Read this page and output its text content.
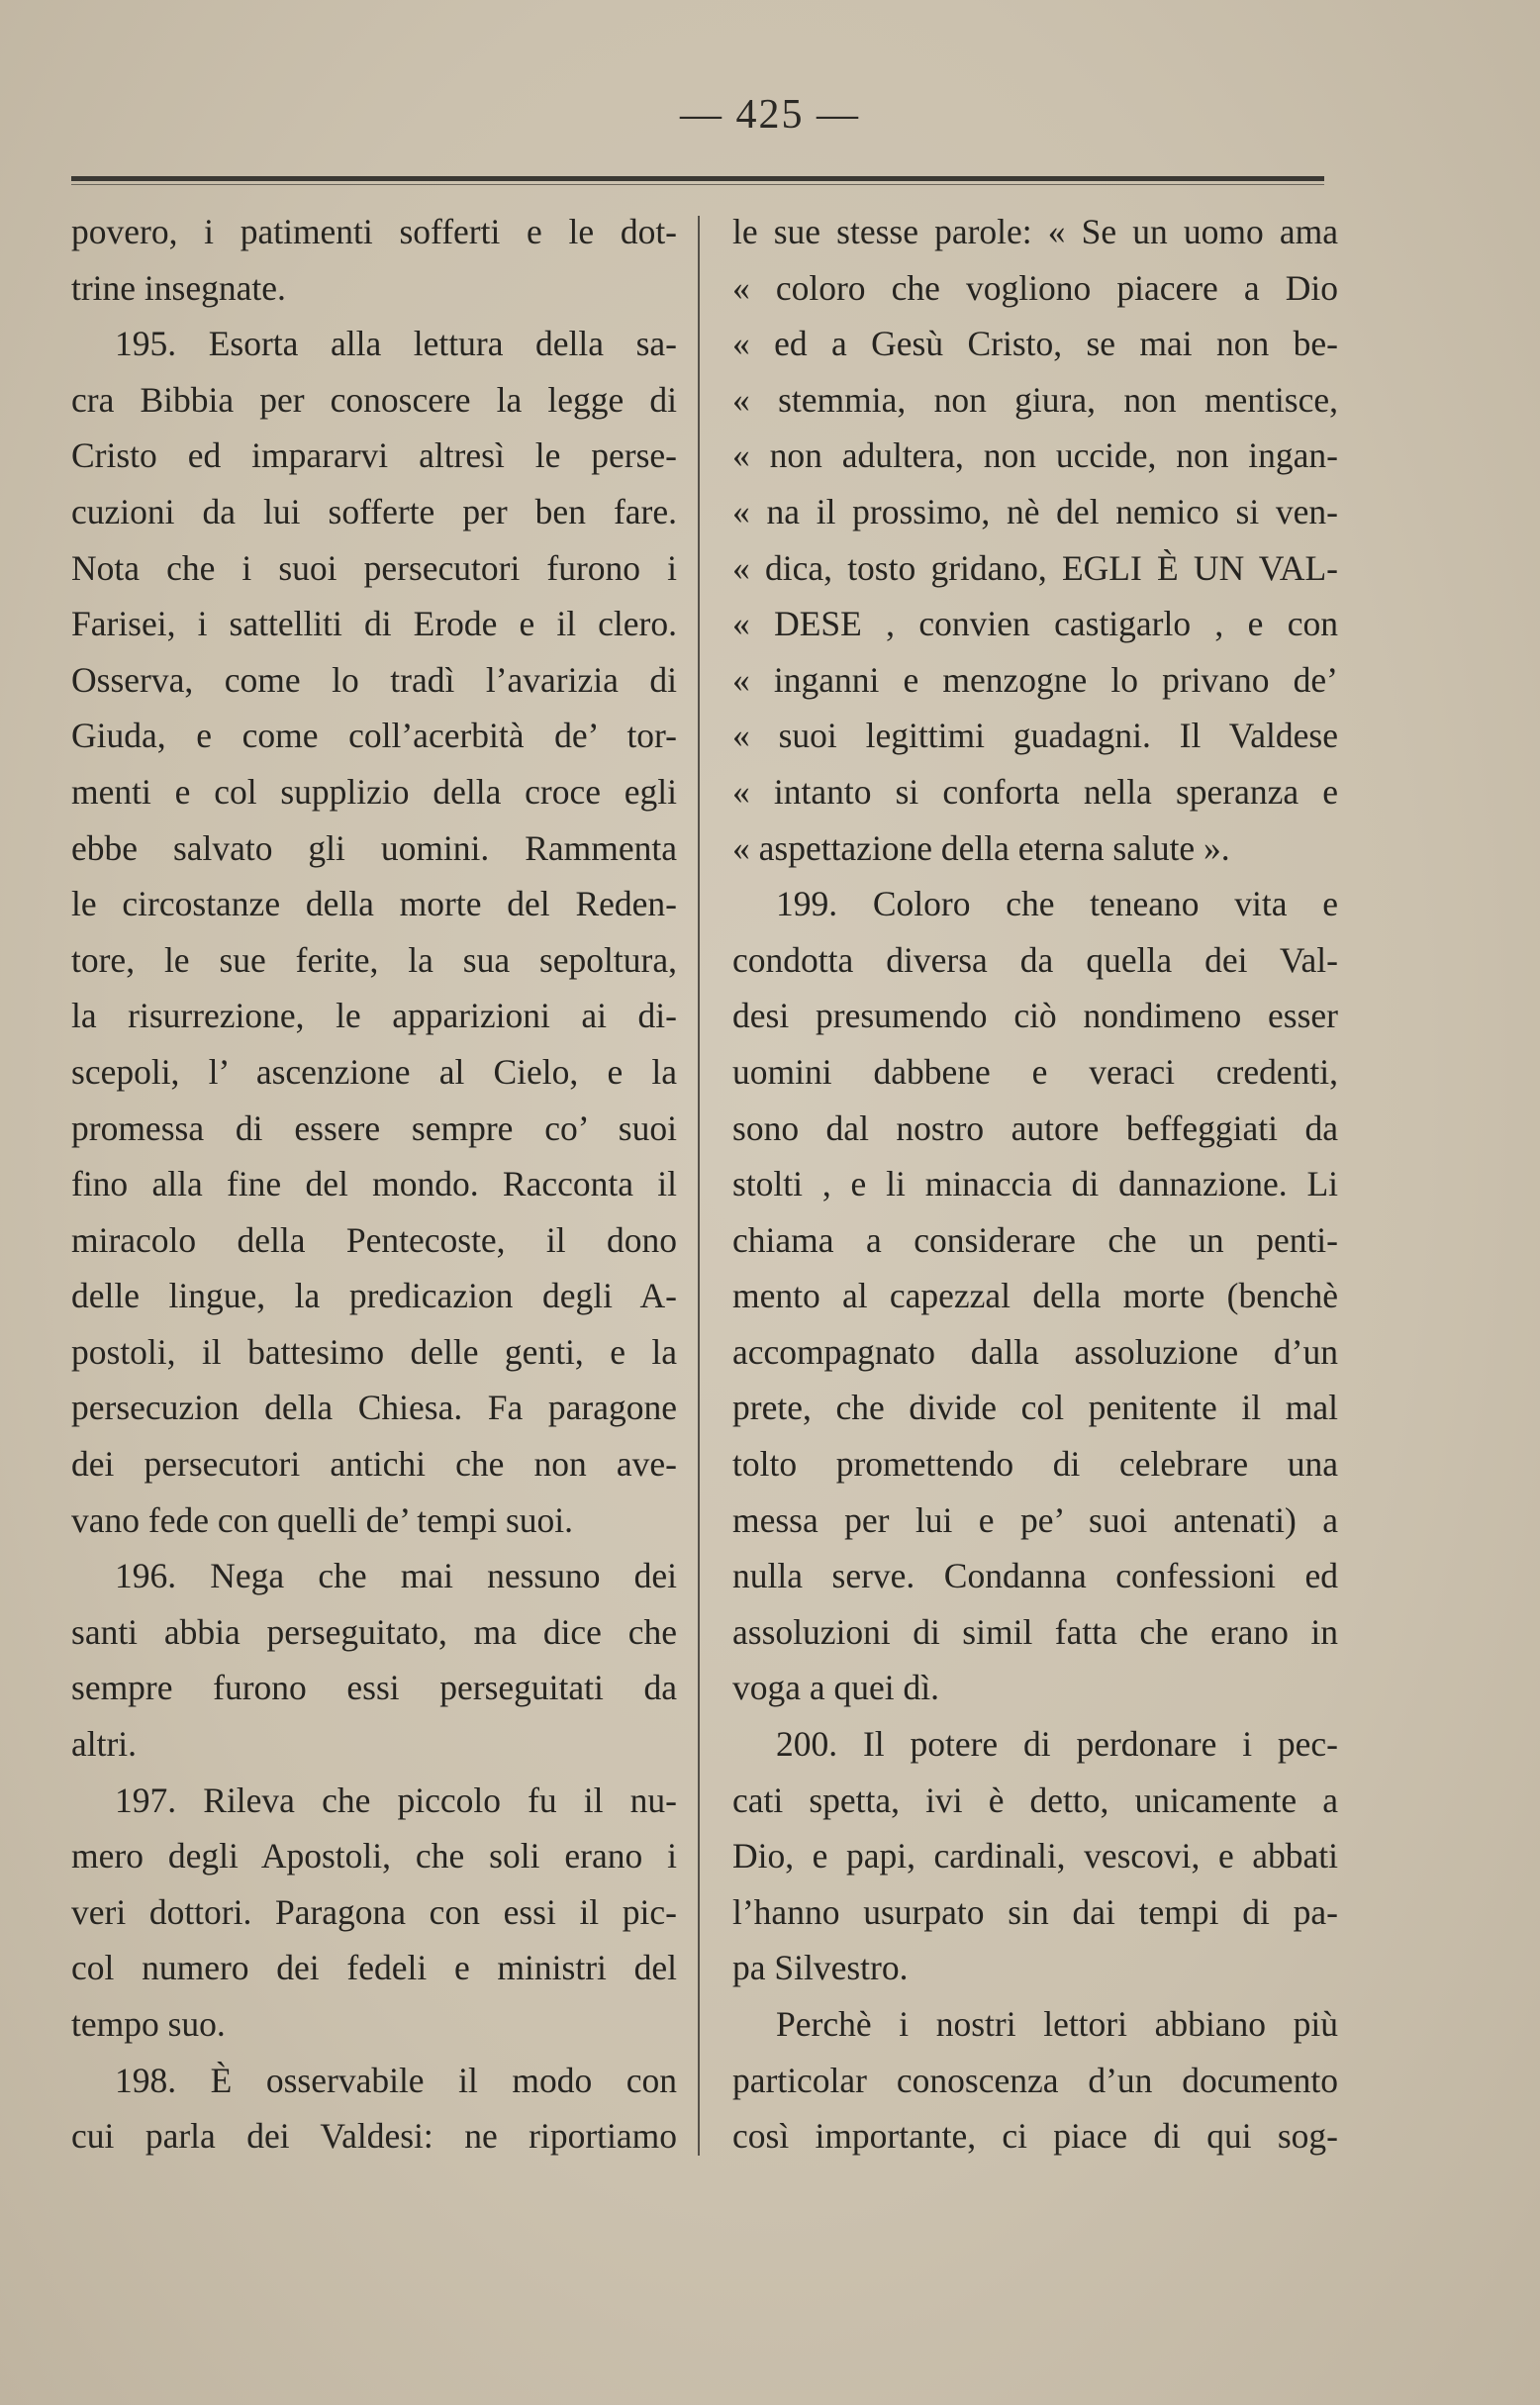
— 425 —
povero, i patimenti sofferti e le dot-
trine insegnate.
195. Esorta alla lettura della sa-
cra Bibbia per conoscere la legge di
Cristo ed impararvi altresì le perse-
cuzioni da lui sofferte per ben fare.
Nota che i suoi persecutori furono i
Farisei, i sattelliti di Erode e il clero.
Osserva, come lo tradì l’avarizia di
Giuda, e come coll’acerbità de’ tor-
menti e col supplizio della croce egli
ebbe salvato gli uomini. Rammenta
le circostanze della morte del Reden-
tore, le sue ferite, la sua sepoltura,
la risurrezione, le apparizioni ai di-
scepoli, l’ ascenzione al Cielo, e la
promessa di essere sempre co’ suoi
fino alla fine del mondo. Racconta il
miracolo della Pentecoste, il dono
delle lingue, la predicazion degli A-
postoli, il battesimo delle genti, e la
persecuzion della Chiesa. Fa paragone
dei persecutori antichi che non ave-
vano fede con quelli de’ tempi suoi.
196. Nega che mai nessuno dei
santi abbia perseguitato, ma dice che
sempre furono essi perseguitati da
altri.
197. Rileva che piccolo fu il nu-
mero degli Apostoli, che soli erano i
veri dottori. Paragona con essi il pic-
col numero dei fedeli e ministri del
tempo suo.
198. È osservabile il modo con
cui parla dei Valdesi: ne riportiamo
le sue stesse parole: « Se un uomo ama
« coloro che vogliono piacere a Dio
« ed a Gesù Cristo, se mai non be-
« stemmia, non giura, non mentisce,
« non adultera, non uccide, non ingan-
« na il prossimo, nè del nemico si ven-
« dica, tosto gridano, EGLI È UN VAL-
« DESE , convien castigarlo , e con
« inganni e menzogne lo privano de’
« suoi legittimi guadagni. Il Valdese
« intanto si conforta nella speranza e
« aspettazione della eterna salute ».
199. Coloro che teneano vita e
condotta diversa da quella dei Val-
desi presumendo ciò nondimeno esser
uomini dabbene e veraci credenti,
sono dal nostro autore beffeggiati da
stolti , e li minaccia di dannazione. Li
chiama a considerare che un penti-
mento al capezzal della morte (benchè
accompagnato dalla assoluzione d’un
prete, che divide col penitente il mal
tolto promettendo di celebrare una
messa per lui e pe’ suoi antenati) a
nulla serve. Condanna confessioni ed
assoluzioni di simil fatta che erano in
voga a quei dì.
200. Il potere di perdonare i pec-
cati spetta, ivi è detto, unicamente a
Dio, e papi, cardinali, vescovi, e abbati
l’hanno usurpato sin dai tempi di pa-
pa Silvestro.
Perchè i nostri lettori abbiano più
particolar conoscenza d’un documento
così importante, ci piace di qui sog-
